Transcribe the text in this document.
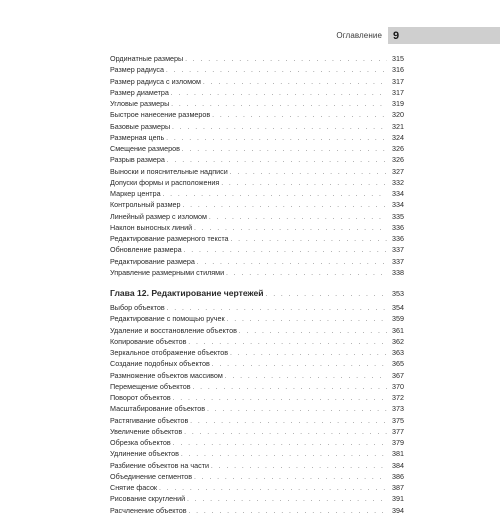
Оглавление	9
Ординатные размеры . . .	315
Размер радиуса . . .	316
Размер радиуса с изломом . . .	317
Размер диаметра . . .	317
Угловые размеры . . .	319
Быстрое нанесение размеров . . .	320
Базовые размеры . . .	321
Размерная цепь . . .	324
Смещение размеров . . .	326
Разрыв размера . . .	326
Выноски и пояснительные надписи . . .	327
Допуски формы и расположения . . .	332
Маркер центра . . .	334
Контрольный размер . . .	334
Линейный размер с изломом . . .	335
Наклон выносных линий . . .	336
Редактирование размерного текста . . .	336
Обновление размера . . .	337
Редактирование размера . . .	337
Управление размерными стилями . . .	338
Глава 12. Редактирование чертежей . . .	353
Выбор объектов . . .	354
Редактирование с помощью ручек . . .	359
Удаление и восстановление объектов . . .	361
Копирование объектов . . .	362
Зеркальное отображение объектов . . .	363
Создание подобных объектов . . .	365
Размножение объектов массивом . . .	367
Перемещение объектов . . .	370
Поворот объектов . . .	372
Масштабирование объектов . . .	373
Растягивание объектов . . .	375
Увеличение объектов . . .	377
Обрезка объектов . . .	379
Удлинение объектов . . .	381
Разбиение объектов на части . . .	384
Объединение сегментов . . .	386
Снятие фасок . . .	387
Рисование скруглений . . .	391
Расчленение объектов . . .	394
